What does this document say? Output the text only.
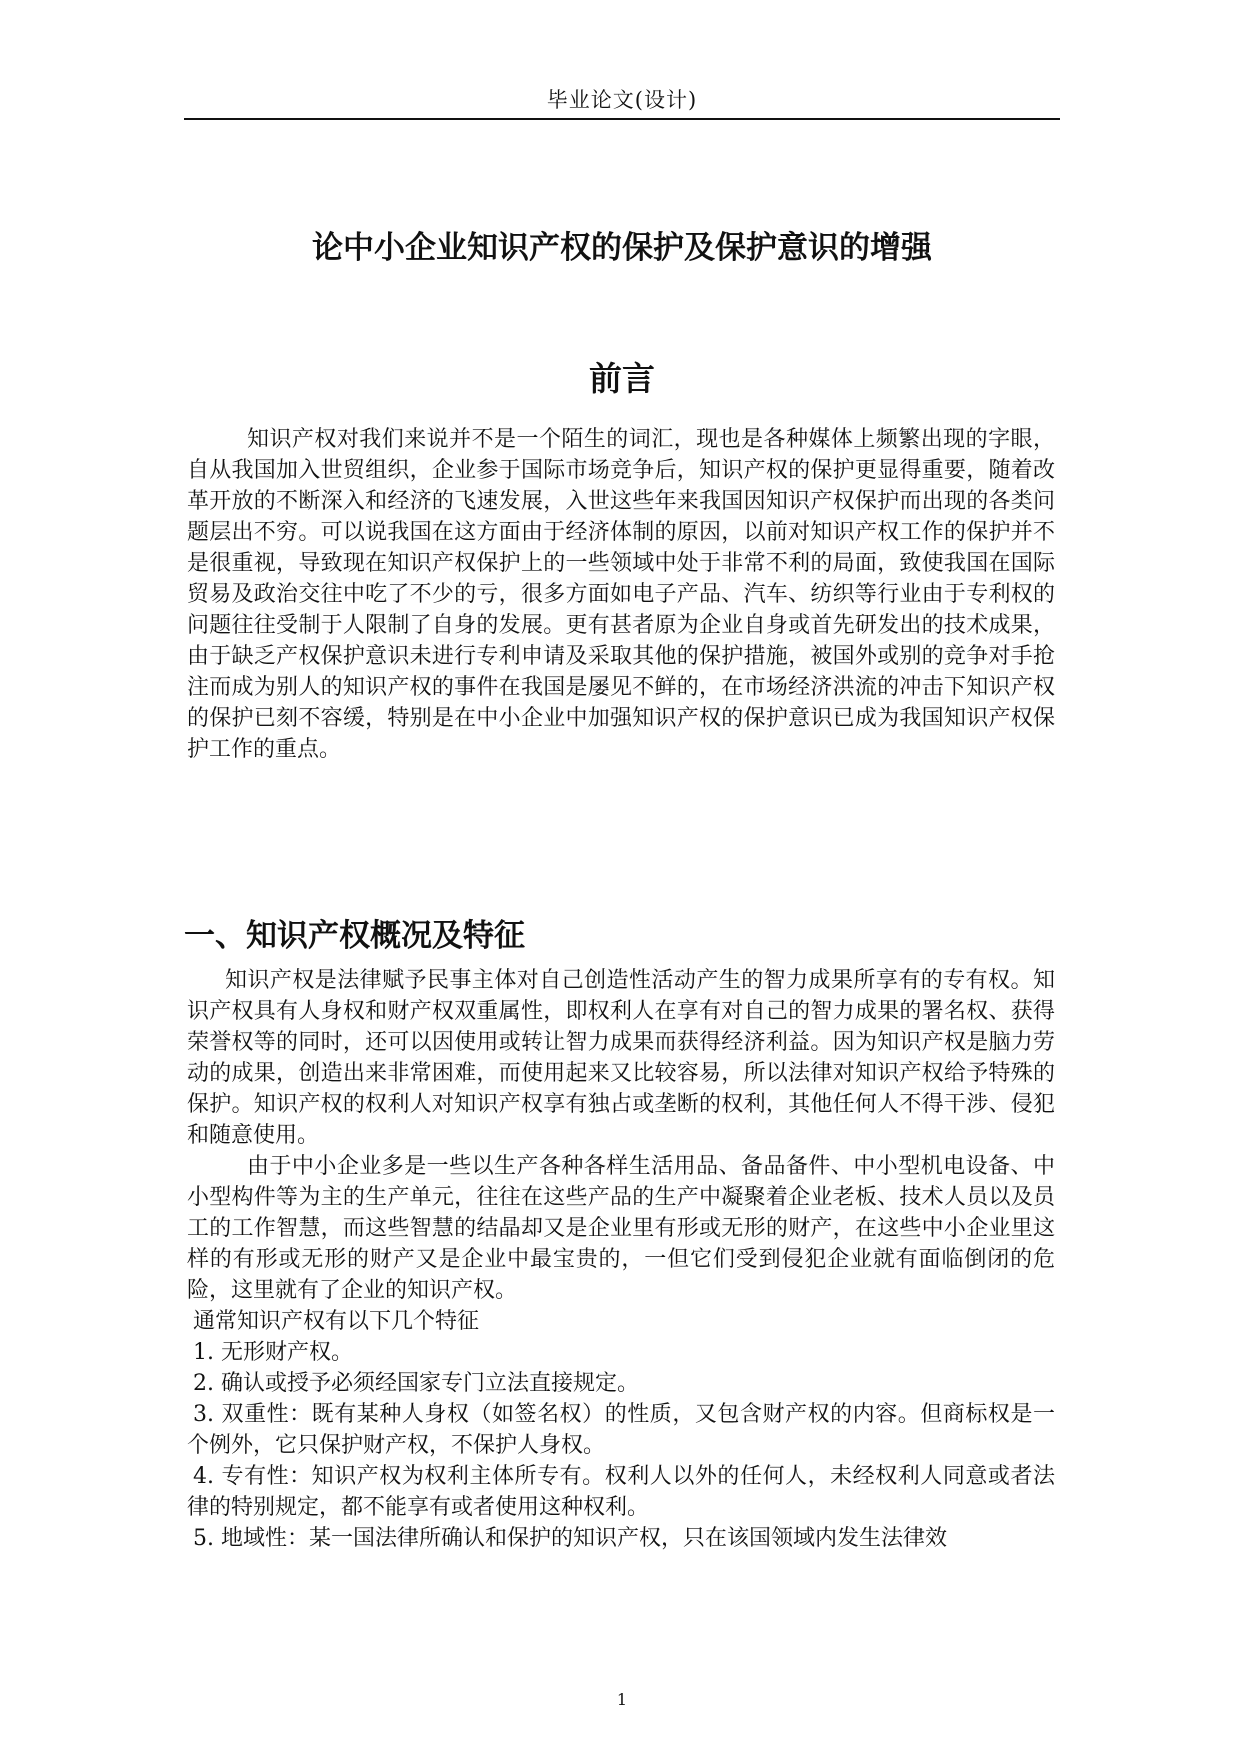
毕业论文(设计)
论中小企业知识产权的保护及保护意识的增强
前言

知识产权对我们来说并不是一个陌生的词汇，现也是各种媒体上频繁出现的字眼，自从我国加入世贸组织，企业参于国际市场竞争后，知识产权的保护更显得重要，随着改革开放的不断深入和经济的飞速发展，入世这些年来我国因知识产权保护而出现的各类问题层出不穷。可以说我国在这方面由于经济体制的原因，以前对知识产权工作的保护并不是很重视，导致现在知识产权保护上的一些领域中处于非常不利的局面，致使我国在国际贸易及政治交往中吃了不少的亏，很多方面如电子产品、汽车、纺织等行业由于专利权的问题往往受制于人限制了自身的发展。更有甚者原为企业自身或首先研发出的技术成果，由于缺乏产权保护意识未进行专利申请及采取其他的保护措施，被国外或别的竞争对手抢注而成为别人的知识产权的事件在我国是屡见不鲜的，在市场经济洪流的冲击下知识产权的保护已刻不容缓，特别是在中小企业中加强知识产权的保护意识已成为我国知识产权保护工作的重点。

一、知识产权概况及特征

知识产权是法律赋予民事主体对自己创造性活动产生的智力成果所享有的专有权。知识产权具有人身权和财产权双重属性，即权利人在享有对自己的智力成果的署名权、获得荣誉权等的同时，还可以因使用或转让智力成果而获得经济利益。因为知识产权是脑力劳动的成果，创造出来非常困难，而使用起来又比较容易，所以法律对知识产权给予特殊的保护。知识产权的权利人对知识产权享有独占或垄断的权利，其他任何人不得干涉、侵犯和随意使用。

由于中小企业多是一些以生产各种各样生活用品、备品备件、中小型机电设备、中小型构件等为主的生产单元，往往在这些产品的生产中凝聚着企业老板、技术人员以及员工的工作智慧，而这些智慧的结晶却又是企业里有形或无形的财产，在这些中小企业里这样的有形或无形的财产又是企业中最宝贵的，一但它们受到侵犯企业就有面临倒闭的危险，这里就有了企业的知识产权。

通常知识产权有以下几个特征

1. 无形财产权。

2. 确认或授予必须经国家专门立法直接规定。

3. 双重性：既有某种人身权（如签名权）的性质，又包含财产权的内容。但商标权是一个例外，它只保护财产权，不保护人身权。

4. 专有性：知识产权为权利主体所专有。权利人以外的任何人，未经权利人同意或者法律的特别规定，都不能享有或者使用这种权利。

5. 地域性：某一国法律所确认和保护的知识产权，只在该国领域内发生法律效

1
